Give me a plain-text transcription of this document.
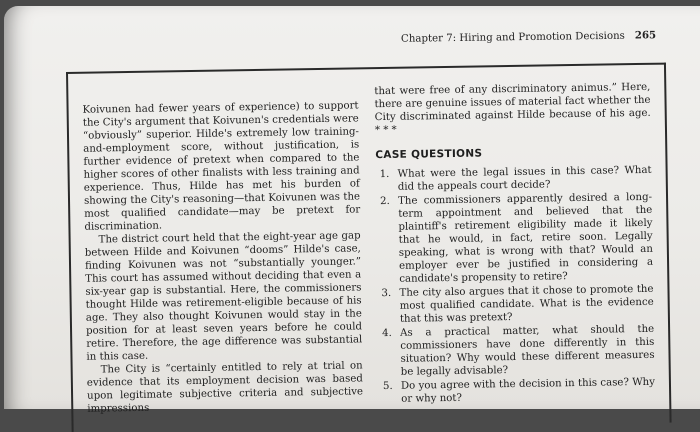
Chapter 7: Hiring and Promotion Decisions 265

Koivunen had fewer years of experience) to support the City's argument that Koivunen's credentials were “obviously” superior. Hilde's extremely low training-and-employment score, without justification, is further evidence of pretext when compared to the higher scores of other finalists with less training and experience. Thus, Hilde has met his burden of showing the City's reasoning—that Koivunen was the most qualified candidate—may be pretext for discrimination.

The district court held that the eight-year age gap between Hilde and Koivunen “dooms” Hilde's case, finding Koivunen was not “substantially younger.” This court has assumed without deciding that even a six-year gap is substantial. Here, the commissioners thought Hilde was retirement-eligible because of his age. They also thought Koivunen would stay in the position for at least seven years before he could retire. Therefore, the age difference was substantial in this case.

The City is “certainly entitled to rely at trial on evidence that its employment decision was based upon legitimate subjective criteria and subjective impressions

that were free of any discriminatory animus.” Here, there are genuine issues of material fact whether the City discriminated against Hilde because of his age. * * *

CASE QUESTIONS
1. What were the legal issues in this case? What did the appeals court decide?
2. The commissioners apparently desired a long-term appointment and believed that the plaintiff's retirement eligibility made it likely that he would, in fact, retire soon. Legally speaking, what is wrong with that? Would an employer ever be justified in considering a candidate's propensity to retire?
3. The city also argues that it chose to promote the most qualified candidate. What is the evidence that this was pretext?
4. As a practical matter, what should the commissioners have done differently in this situation? Why would these different measures be legally advisable?
5. Do you agree with the decision in this case? Why or why not?
